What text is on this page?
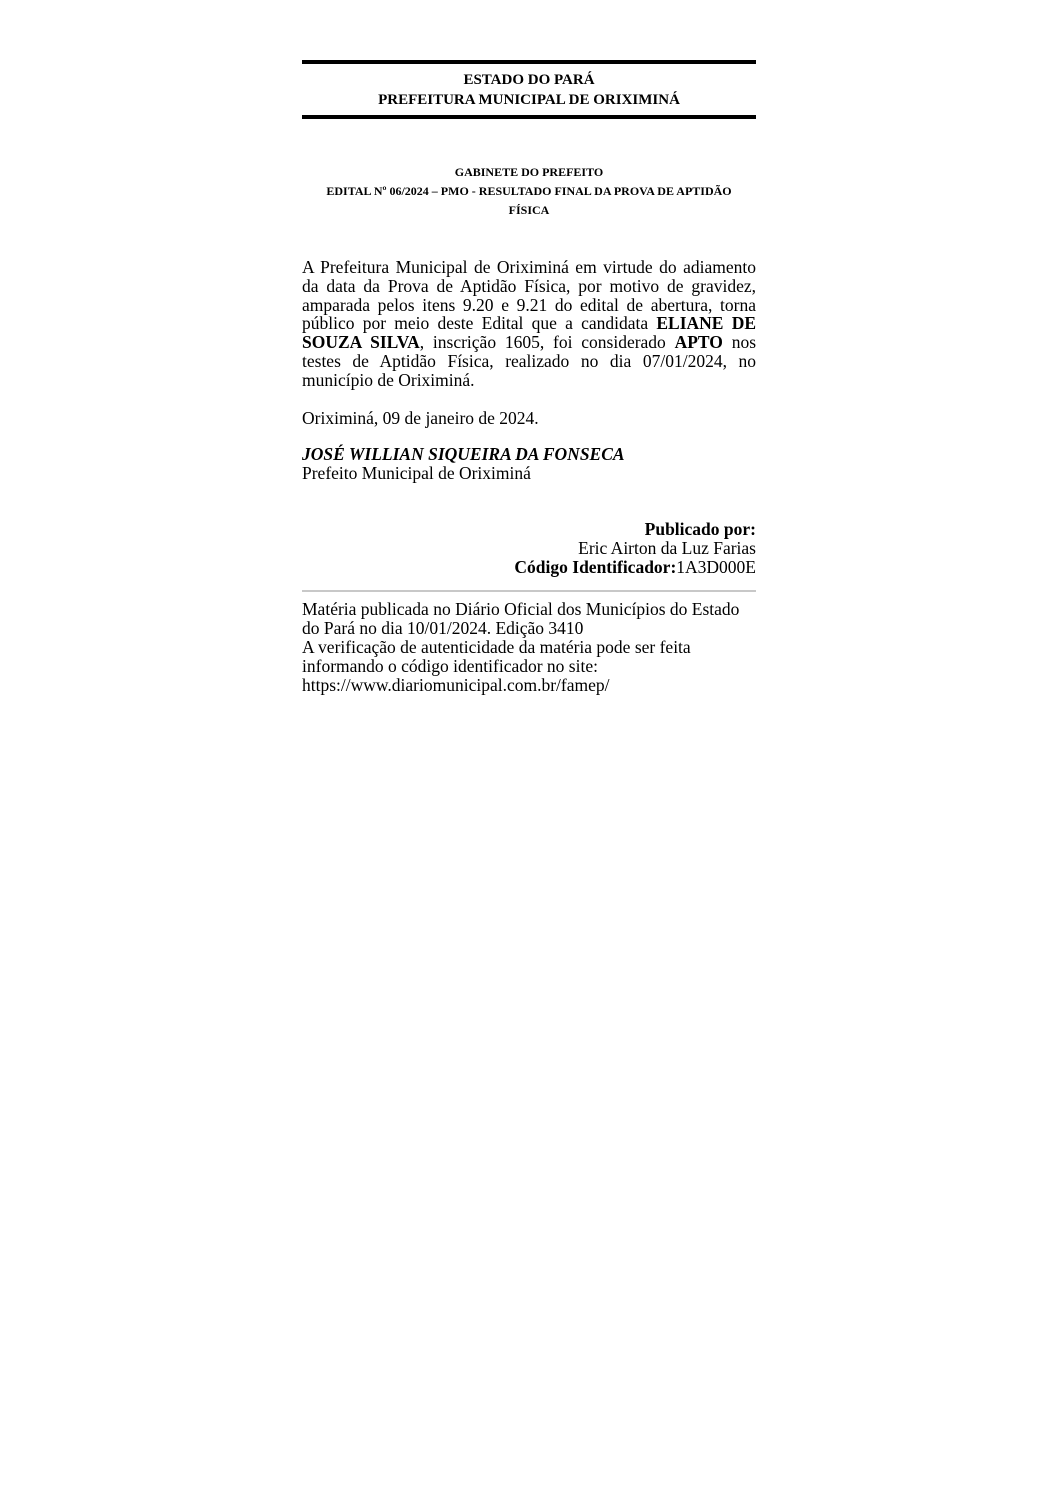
ESTADO DO PARÁ
PREFEITURA MUNICIPAL DE ORIXIMINÁ
GABINETE DO PREFEITO
EDITAL Nº 06/2024 – PMO - RESULTADO FINAL DA PROVA DE APTIDÃO
FÍSICA
A Prefeitura Municipal de Oriximiná em virtude do adiamento da data da Prova de Aptidão Física, por motivo de gravidez, amparada pelos itens 9.20 e 9.21 do edital de abertura, torna público por meio deste Edital que a candidata ELIANE DE SOUZA SILVA, inscrição 1605, foi considerado APTO nos testes de Aptidão Física, realizado no dia 07/01/2024, no município de Oriximiná.
Oriximiná, 09 de janeiro de 2024.
JOSÉ WILLIAN SIQUEIRA DA FONSECA
Prefeito Municipal de Oriximiná
Publicado por:
Eric Airton da Luz Farias
Código Identificador:1A3D000E
Matéria publicada no Diário Oficial dos Municípios do Estado
do Pará no dia 10/01/2024. Edição 3410
A verificação de autenticidade da matéria pode ser feita
informando o código identificador no site:
https://www.diariomunicipal.com.br/famep/
